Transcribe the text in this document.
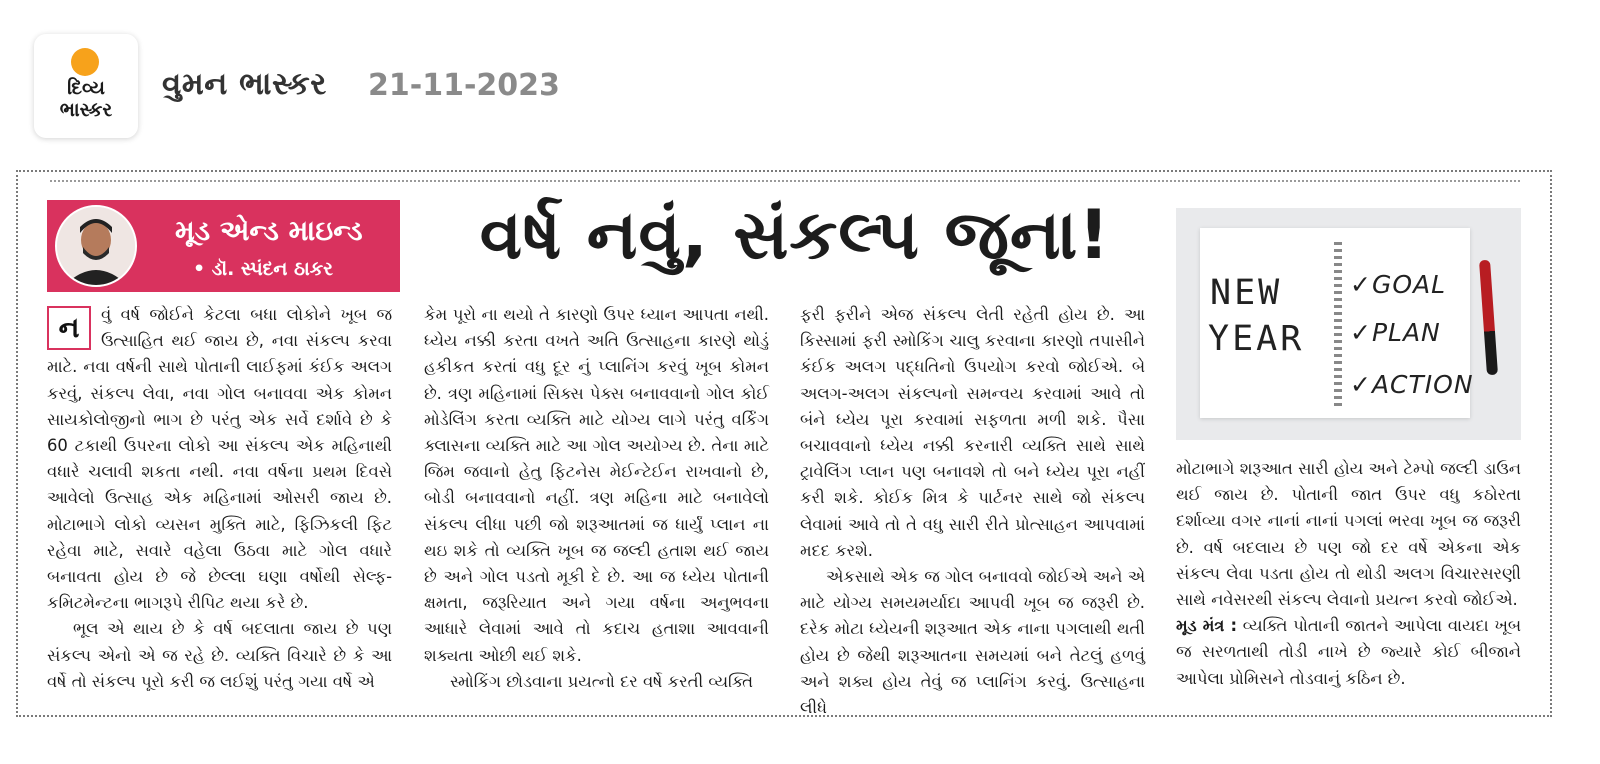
દિવ્ય
ભાસ્કર
વુમન ભાસ્કર 21-11-2023
મૂડ એન્ડ માઇન્ડ
• ડૉ. સ્પંદન ઠાકર	વર્ષ નવું, સંકલ્પ જૂના!
NEW
YEAR
✓GOAL
✓PLAN
✓ACTION

ન	વું વર્ષ જોઈને કેટલા બધા લોકોને ખૂબ જ ઉત્સાહિત થઈ જાય છે, નવા સંકલ્પ કરવા માટે. નવા વર્ષની સાથે પોતાની લાઈફમાં કંઈક અલગ કરવું, સંકલ્પ લેવા, નવા ગોલ બનાવવા એક કોમન સાયકોલોજીનો ભાગ છે પરંતુ એક સર્વે દર્શાવે છે કે 60 ટકાથી ઉપરના લોકો આ સંકલ્પ એક મહિનાથી વધારે ચલાવી શકતા નથી. નવા વર્ષના પ્રથમ દિવસે આવેલો ઉત્સાહ એક મહિનામાં ઓસરી જાય છે. મોટાભાગે લોકો વ્યસન મુક્તિ માટે, ફિઝિકલી ફિટ રહેવા માટે, સવારે વહેલા ઉઠવા માટે ગોલ વધારે બનાવતા હોય છે જે છેલ્લા ઘણા વર્ષોથી સેલ્ફ-કમિટમેન્ટના ભાગરૂપે રીપિટ થયા કરે છે.

ભૂલ એ થાય છે કે વર્ષ બદલાતા જાય છે પણ સંકલ્પ એનો એ જ રહે છે. વ્યક્તિ વિચારે છે કે આ વર્ષે તો સંકલ્પ પૂરો કરી જ લઈશું પરંતુ ગયા વર્ષે એ

કેમ પૂરો ના થયો તે કારણો ઉપર ધ્યાન આપતા નથી. ધ્યેય નક્કી કરતા વખતે અતિ ઉત્સાહના કારણે થોડું હકીકત કરતાં વધુ દૂર નું પ્લાનિંગ કરવું ખૂબ કોમન છે. ત્રણ મહિનામાં સિક્સ પેક્સ બનાવવાનો ગોલ કોઈ મોડેલિંગ કરતા વ્યક્તિ માટે યોગ્ય લાગે પરંતુ વર્કિંગ ક્લાસના વ્યક્તિ માટે આ ગોલ અયોગ્ય છે. તેના માટે જિમ જવાનો હેતુ ફિટનેસ મેઈન્ટેઈન રાખવાનો છે, બોડી બનાવવાનો નહીં. ત્રણ મહિના માટે બનાવેલો સંકલ્પ લીધા પછી જો શરૂઆતમાં જ ધાર્યું પ્લાન ના થઇ શકે તો વ્યક્તિ ખૂબ જ જલ્દી હતાશ થઈ જાય છે અને ગોલ પડતો મૂકી દે છે. આ જ ધ્યેય પોતાની ક્ષમતા, જરૂરિયાત અને ગયા વર્ષના અનુભવના આધારે લેવામાં આવે તો કદાચ હતાશા આવવાની શક્યતા ઓછી થઈ શકે.

સ્મોકિંગ છોડવાના પ્રયત્નો દર વર્ષે કરતી વ્યક્તિ

ફરી ફરીને એજ સંકલ્પ લેતી રહેતી હોય છે. આ કિસ્સામાં ફરી સ્મોકિંગ ચાલુ કરવાના કારણો તપાસીને કંઈક અલગ પદ્ધતિનો ઉપયોગ કરવો જોઈએ. બે અલગ-અલગ સંકલ્પનો સમન્વય કરવામાં આવે તો બંને ધ્યેય પૂરા કરવામાં સફળતા મળી શકે. પૈસા બચાવવાનો ધ્યેય નક્કી કરનારી વ્યક્તિ સાથે સાથે ટ્રાવેલિંગ પ્લાન પણ બનાવશે તો બને ધ્યેય પૂરા નહીં કરી શકે. કોઈક મિત્ર કે પાર્ટનર સાથે જો સંકલ્પ લેવામાં આવે તો તે વધુ સારી રીતે પ્રોત્સાહન આપવામાં મદદ કરશે.

એકસાથે એક જ ગોલ બનાવવો જોઈએ અને એ માટે યોગ્ય સમયમર્યાદા આપવી ખૂબ જ જરૂરી છે. દરેક મોટા ધ્યેયની શરૂઆત એક નાના પગલાથી થતી હોય છે જેથી શરૂઆતના સમયમાં બને તેટલું હળવું અને શક્ય હોય તેવું જ પ્લાનિંગ કરવું. ઉત્સાહના લીધે

મોટાભાગે શરૂઆત સારી હોય અને ટેમ્પો જલ્દી ડાઉન થઈ જાય છે. પોતાની જાત ઉપર વધુ કઠોરતા દર્શાવ્યા વગર નાનાં નાનાં પગલાં ભરવા ખૂબ જ જરૂરી છે. વર્ષ બદલાય છે પણ જો દર વર્ષે એકના એક સંકલ્પ લેવા પડતા હોય તો થોડી અલગ વિચારસરણી સાથે નવેસરથી સંકલ્પ લેવાનો પ્રયત્ન કરવો જોઈએ.

મૂડ મંત્ર : વ્યક્તિ પોતાની જાતને આપેલા વાયદા ખૂબ જ સરળતાથી તોડી નાખે છે જ્યારે કોઈ બીજાને આપેલા પ્રોમિસને તોડવાનું કઠિન છે.
